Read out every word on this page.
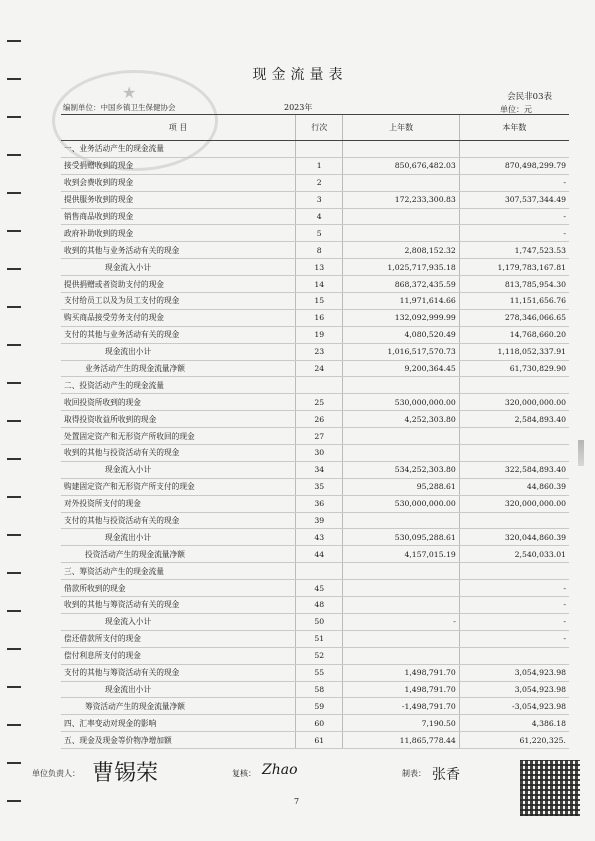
★
现金流量表
会民非03表
编制单位：中国乡镇卫生保健协会	2023年	单位：元
项 目	行次	上年数	本年数
一、业务活动产生的现金流量			
接受捐赠收到的现金	1	850,676,482.03	870,498,299.79
收到会费收到的现金	2		-
提供服务收到的现金	3	172,233,300.83	307,537,344.49
销售商品收到的现金	4		-
政府补助收到的现金	5		-
收到的其他与业务活动有关的现金	8	2,808,152.32	1,747,523.53
现金流入小计	13	1,025,717,935.18	1,179,783,167.81
提供捐赠或者资助支付的现金	14	868,372,435.59	813,785,954.30
支付给员工以及为员工支付的现金	15	11,971,614.66	11,151,656.76
购买商品接受劳务支付的现金	16	132,092,999.99	278,346,066.65
支付的其他与业务活动有关的现金	19	4,080,520.49	14,768,660.20
现金流出小计	23	1,016,517,570.73	1,118,052,337.91
业务活动产生的现金流量净额	24	9,200,364.45	61,730,829.90
二、投资活动产生的现金流量			
收回投资所收到的现金	25	530,000,000.00	320,000,000.00
取得投资收益所收到的现金	26	4,252,303.80	2,584,893.40
处置固定资产和无形资产所收回的现金	27		
收到的其他与投资活动有关的现金	30		
现金流入小计	34	534,252,303.80	322,584,893.40
购建固定资产和无形资产所支付的现金	35	95,288.61	44,860.39
对外投资所支付的现金	36	530,000,000.00	320,000,000.00
支付的其他与投资活动有关的现金	39		
现金流出小计	43	530,095,288.61	320,044,860.39
投资活动产生的现金流量净额	44	4,157,015.19	2,540,033.01
三、筹资活动产生的现金流量			
借款所收到的现金	45		-
收到的其他与筹资活动有关的现金	48		-
现金流入小计	50	-	-
偿还借款所支付的现金	51		-
偿付利息所支付的现金	52		
支付的其他与筹资活动有关的现金	55	1,498,791.70	3,054,923.98
现金流出小计	58	1,498,791.70	3,054,923.98
筹资活动产生的现金流量净额	59	-1,498,791.70	-3,054,923.98
四、汇率变动对现金的影响	60	7,190.50	4,386.18
五、现金及现金等价物净增加额	61	11,865,778.44	61,220,325.
单位负责人： 曹锡荣	复核： Zhao	制表： 张香
7
